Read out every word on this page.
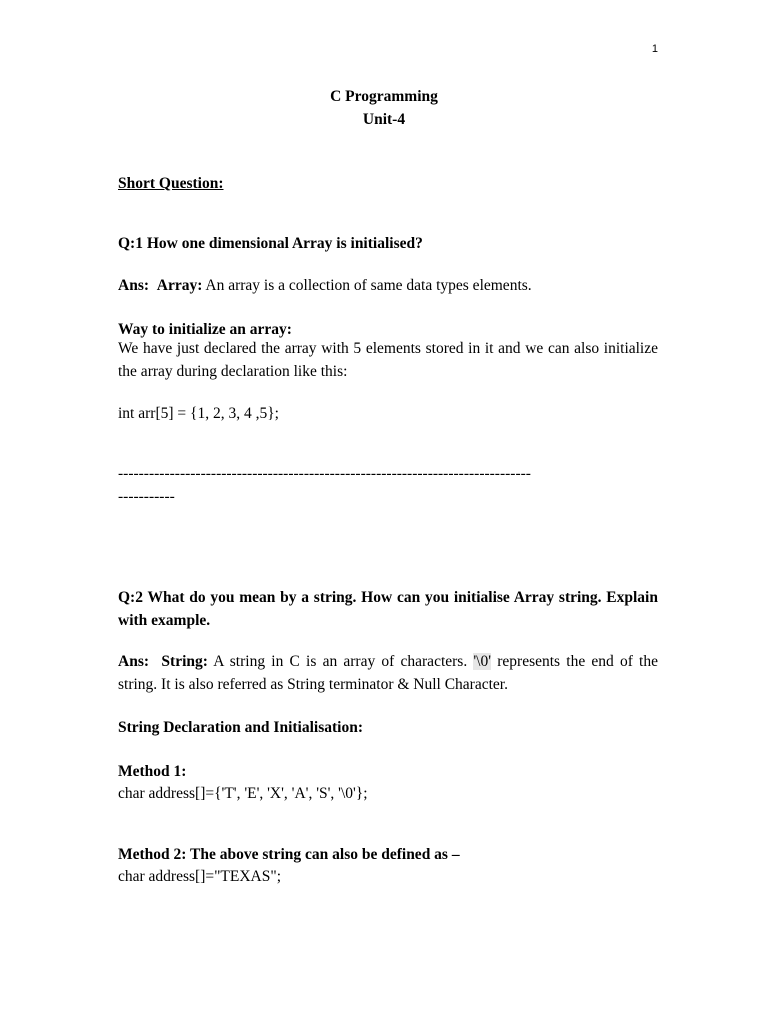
1
C Programming
Unit-4
Short Question:
Q:1 How one dimensional Array is initialised?
Ans: Array: An array is a collection of same data types elements.
Way to initialize an array:
We have just declared the array with 5 elements stored in it and we can also initialize the array during declaration like this:
int arr[5] = {1, 2, 3, 4 ,5};
--------------------------------------------------------------------------------
-----------
Q:2 What do you mean by a string. How can you initialise Array string. Explain with example.
Ans: String: A string in C is an array of characters. '\0' represents the end of the string. It is also referred as String terminator & Null Character.
String Declaration and Initialisation:
Method 1:
char address[]={'T', 'E', 'X', 'A', 'S', '\0'};
Method 2: The above string can also be defined as –
char address[]="TEXAS";
